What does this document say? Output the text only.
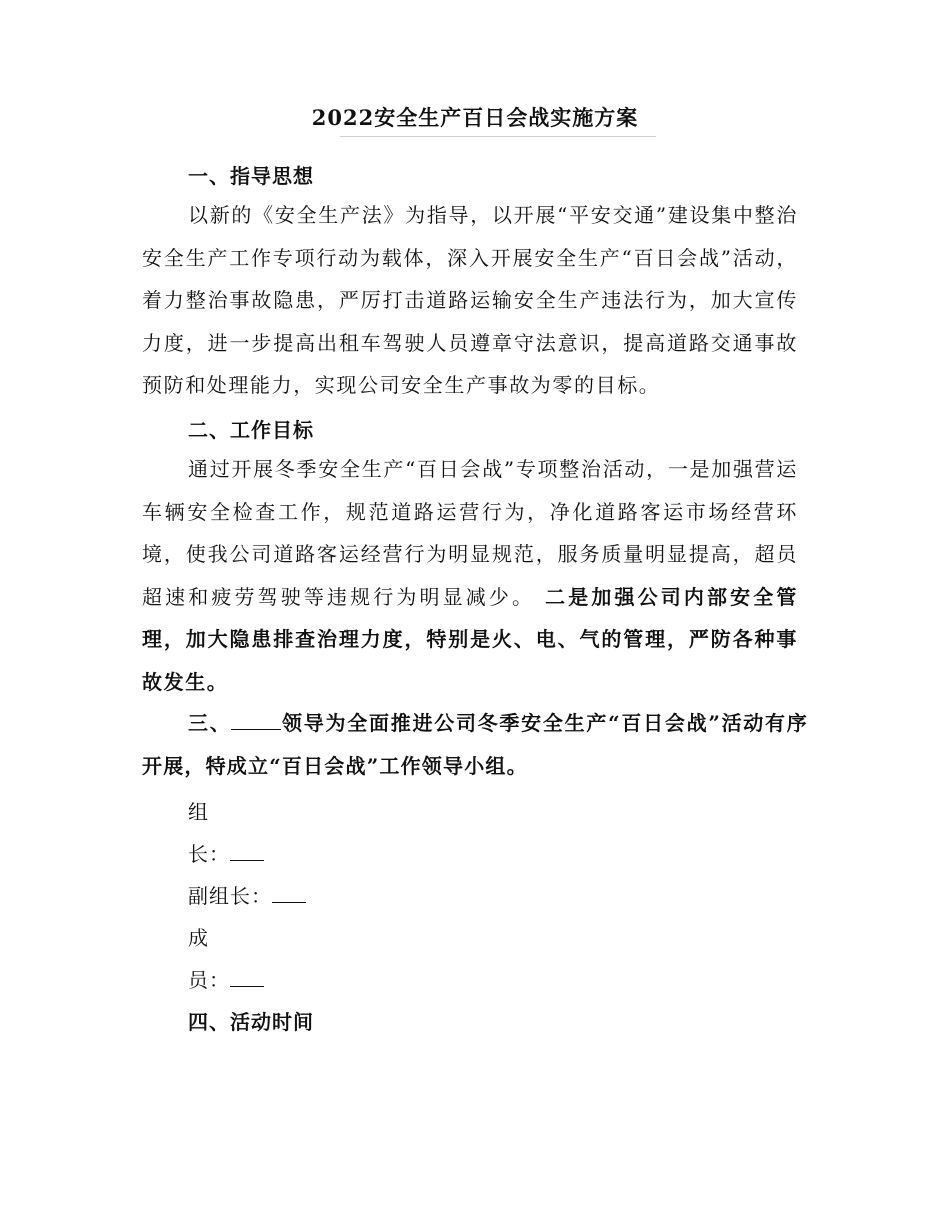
2022安全生产百日会战实施方案
一、指导思想
以新的《安全生产法》为指导，以开展“平安交通”建设集中整治安全生产工作专项行动为载体，深入开展安全生产“百日会战”活动，着力整治事故隐患，严厉打击道路运输安全生产违法行为，加大宣传力度，进一步提高出租车驾驶人员遵章守法意识，提高道路交通事故预防和处理能力，实现公司安全生产事故为零的目标。
二、工作目标
通过开展冬季安全生产“百日会战”专项整治活动，一是加强营运车辆安全检查工作，规范道路运营行为，净化道路客运市场经营环境，使我公司道路客运经营行为明显规范，服务质量明显提高，超员超速和疲劳驾驶等违规行为明显减少。 二是加强公司内部安全管理，加大隐患排查治理力度，特别是火、电、气的管理，严防各种事故发生。
三、	领导为全面推进公司冬季安全生产“百日会战”活动有序开展，特成立“百日会战”工作领导小组。
组
长：
副组长：
成
员：
四、活动时间
